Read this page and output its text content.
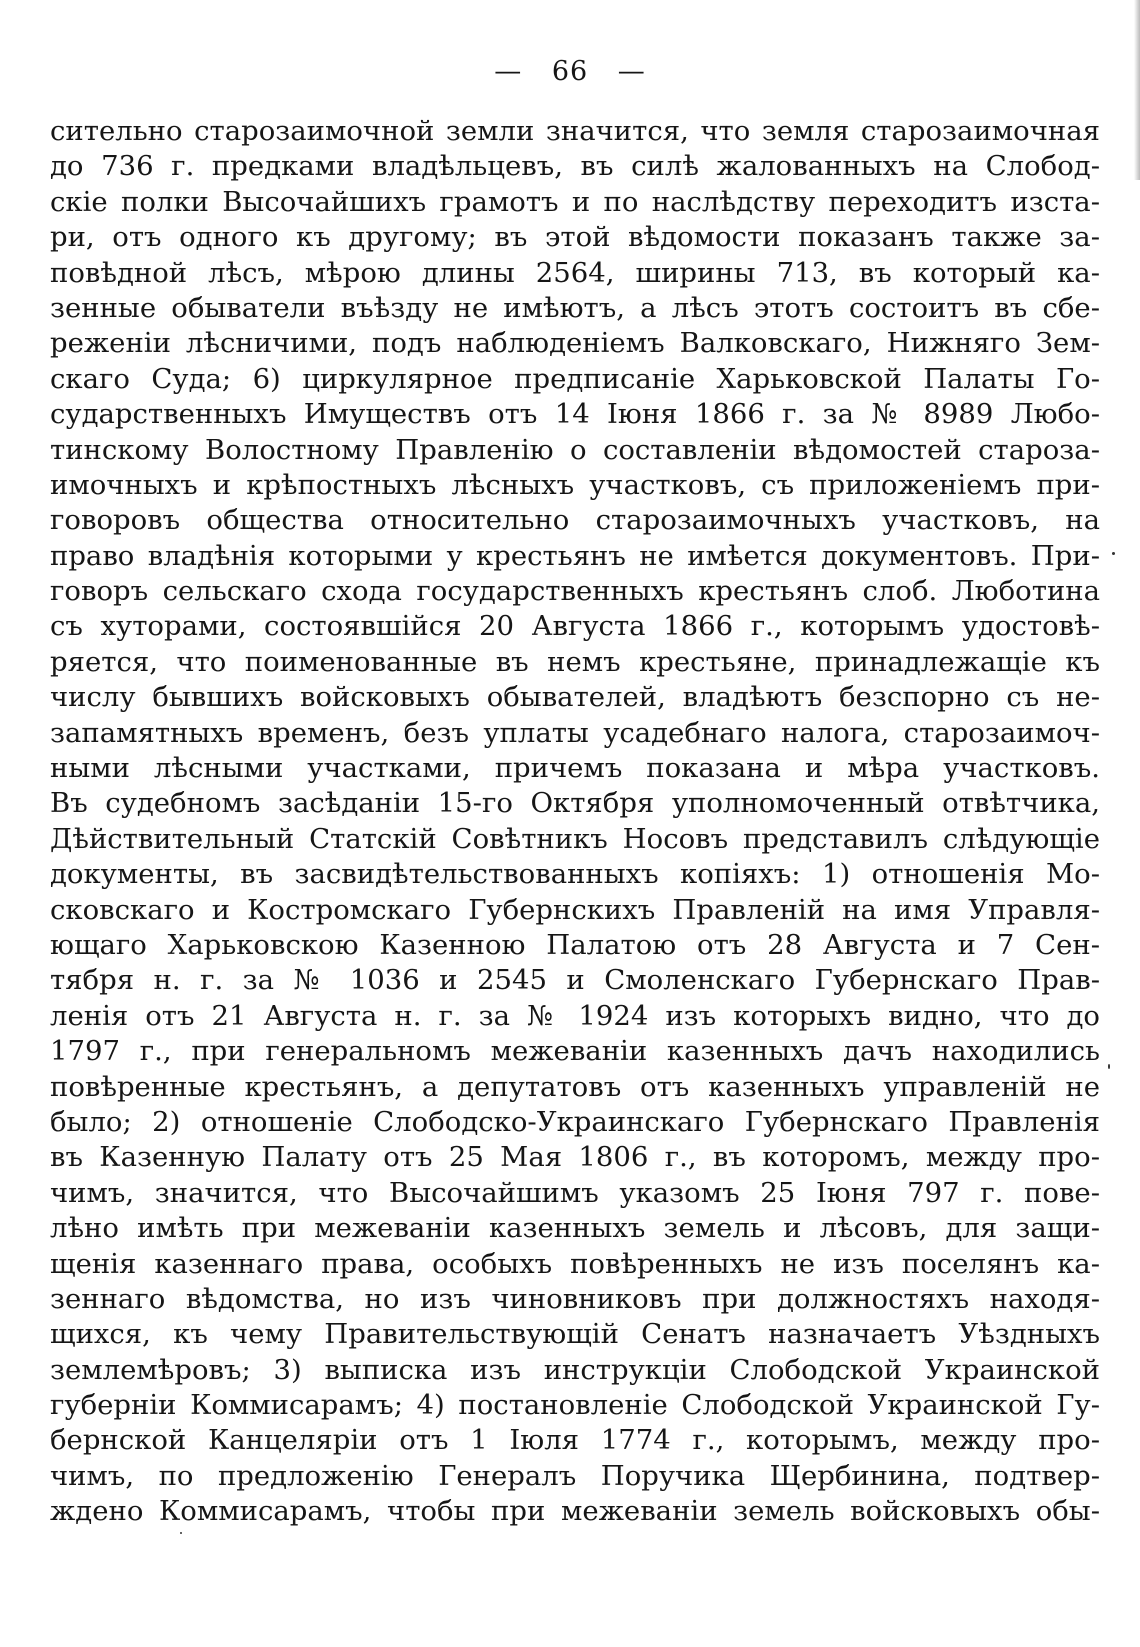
— 66 —
сительно старозаимочной земли значится, что земля старозаимочная
до 736 г. предками владѣльцевъ, въ силѣ жалованныхъ на Слобод-
скіе полки Высочайшихъ грамотъ и по наслѣдству переходитъ изста-
ри, отъ одного къ другому; въ этой вѣдомости показанъ также за-
повѣдной лѣсъ, мѣрою длины 2564, ширины 713, въ который ка-
зенные обыватели въѣзду не имѣютъ, а лѣсъ этотъ состоитъ въ сбе-
реженіи лѣсничими, подъ наблюденіемъ Валковскаго, Нижняго Зем-
скаго Суда; 6) циркулярное предписаніе Харьковской Палаты Го-
сударственныхъ Имуществъ отъ 14 Іюня 1866 г. за № 8989 Любо-
тинскому Волостному Правленію о составленіи вѣдомостей староза-
имочныхъ и крѣпостныхъ лѣсныхъ участковъ, съ приложеніемъ при-
говоровъ общества относительно старозаимочныхъ участковъ, на
право владѣнія которыми у крестьянъ не имѣется документовъ. При-
говоръ сельскаго схода государственныхъ крестьянъ слоб. Люботина
съ хуторами, состоявшійся 20 Августа 1866 г., которымъ удостовѣ-
ряется, что поименованные въ немъ крестьяне, принадлежащіе къ
числу бывшихъ войсковыхъ обывателей, владѣютъ безспорно съ не-
запамятныхъ временъ, безъ уплаты усадебнаго налога, старозаимоч-
ными лѣсными участками, причемъ показана и мѣра участковъ.
Въ судебномъ засѣданіи 15-го Октября уполномоченный отвѣтчика,
Дѣйствительный Статскій Совѣтникъ Носовъ представилъ слѣдующіе
документы, въ засвидѣтельствованныхъ копіяхъ: 1) отношенія Мо-
сковскаго и Костромскаго Губернскихъ Правленій на имя Управля-
ющаго Харьковскою Казенною Палатою отъ 28 Августа и 7 Сен-
тября н. г. за № 1036 и 2545 и Смоленскаго Губернскаго Прав-
ленія отъ 21 Августа н. г. за № 1924 изъ которыхъ видно, что до
1797 г., при генеральномъ межеваніи казенныхъ дачъ находились
повѣренные крестьянъ, а депутатовъ отъ казенныхъ управленій не
было; 2) отношеніе Слободско-Украинскаго Губернскаго Правленія
въ Казенную Палату отъ 25 Мая 1806 г., въ которомъ, между про-
чимъ, значится, что Высочайшимъ указомъ 25 Іюня 797 г. пове-
лѣно имѣть при межеваніи казенныхъ земель и лѣсовъ, для защи-
щенія казеннаго права, особыхъ повѣренныхъ не изъ поселянъ ка-
зеннаго вѣдомства, но изъ чиновниковъ при должностяхъ находя-
щихся, къ чему Правительствующій Сенатъ назначаетъ Уѣздныхъ
землемѣровъ; 3) выписка изъ инструкціи Слободской Украинской
губерніи Коммисарамъ; 4) постановленіе Слободской Украинской Гу-
бернской Канцеляріи отъ 1 Іюля 1774 г., которымъ, между про-
чимъ, по предложенію Генералъ Поручика Щербинина, подтвер-
ждено Коммисарамъ, чтобы при межеваніи земель войсковыхъ обы-
